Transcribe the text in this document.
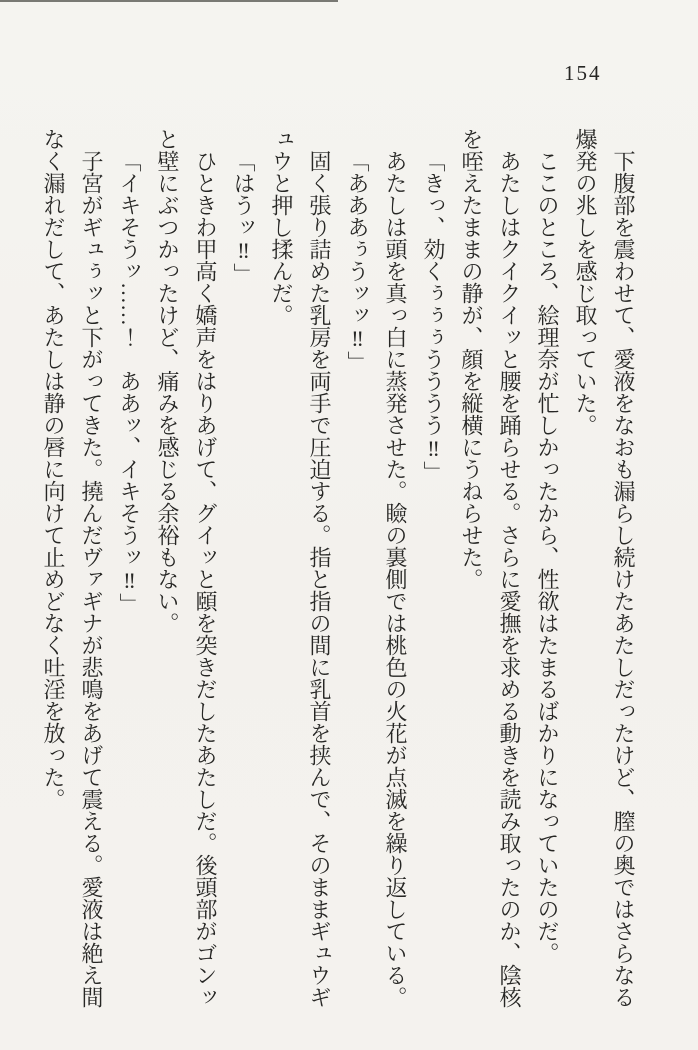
154

下腹部を震わせて、愛液をなおも漏らし続けたあたしだったけど、膣の奥ではさらなる爆発の兆しを感じ取っていた。

ここのところ、絵理奈が忙しかったから、性欲はたまるばかりになっていたのだ。

あたしはクイクイッと腰を踊らせる。さらに愛撫を求める動きを読み取ったのか、陰核を咥えたままの静が、顔を縦横にうねらせた。

「きっ、効くぅぅぅうううう‼」

あたしは頭を真っ白に蒸発させた。瞼の裏側では桃色の火花が点滅を繰り返している。

「あああぅうッッ‼」

固く張り詰めた乳房を両手で圧迫する。指と指の間に乳首を挟んで、そのままギュウギュウと押し揉んだ。

「はうッ‼」

ひときわ甲高く嬌声をはりあげて、グイッと頤を突きだしたあたしだ。後頭部がゴンッと壁にぶつかったけど、痛みを感じる余裕もない。

「イキそうッ……！　ああッ、イキそうッ‼」

子宮がギュぅッと下がってきた。撓んだヴァギナが悲鳴をあげて震える。愛液は絶え間なく漏れだして、あたしは静の唇に向けて止めどなく吐淫を放った。
